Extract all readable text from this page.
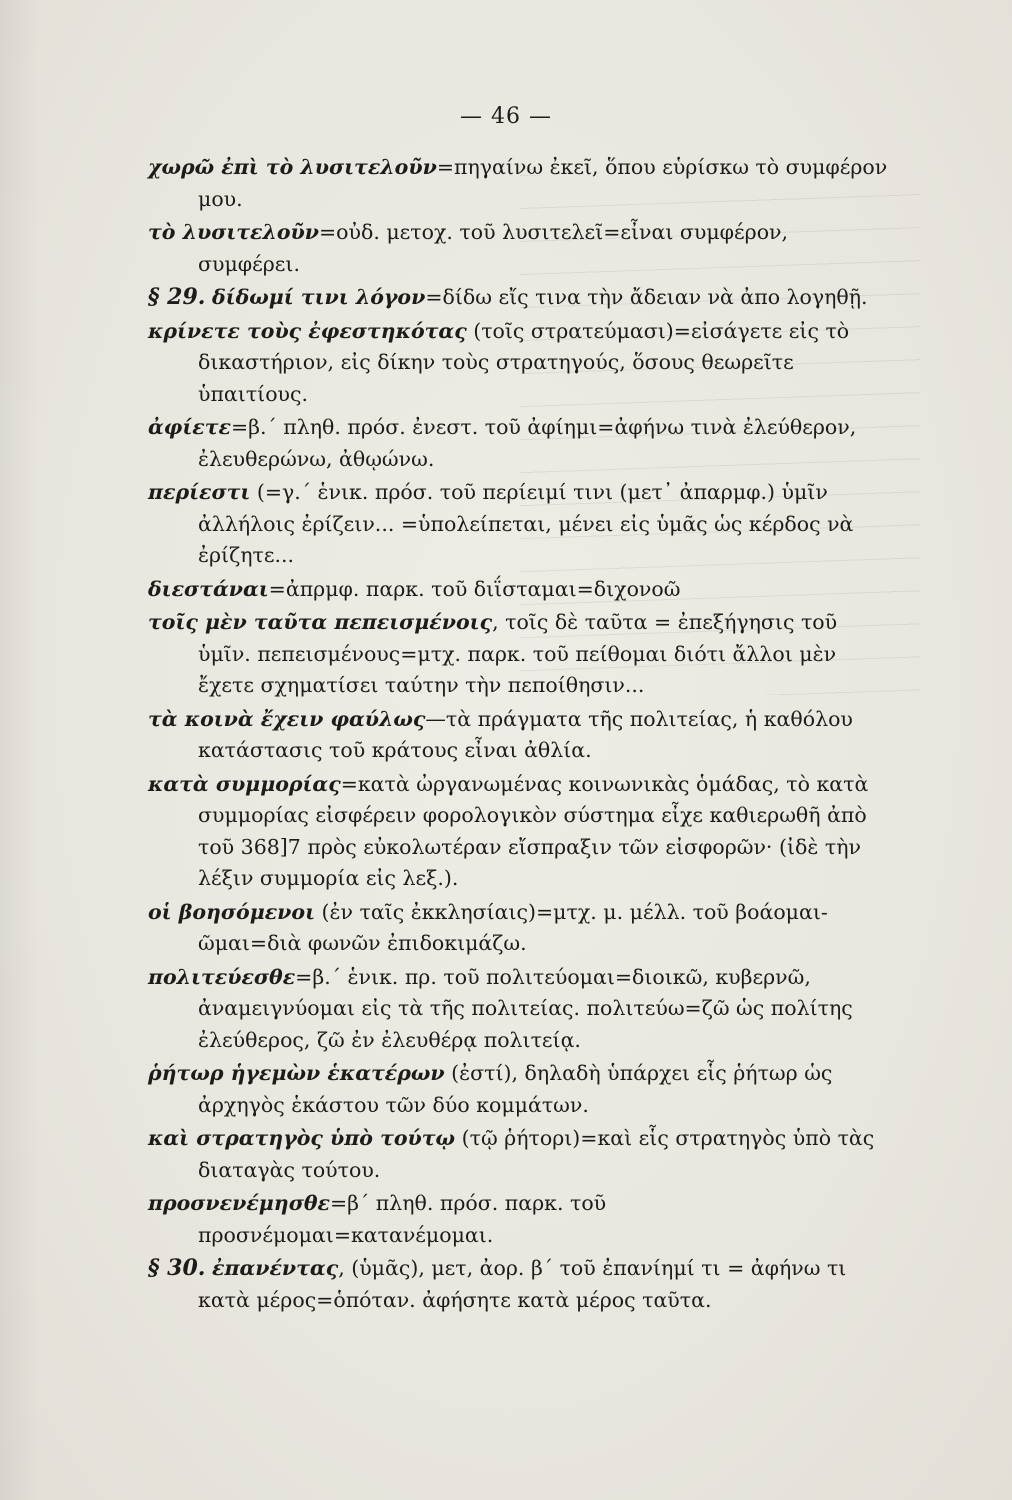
— 46 —

χωρῶ ἐπὶ τὸ λυσιτελοῦν=πηγαίνω ἐκεῖ, ὅπου εὑρίσκω τὸ συμφέρον μου.

τὸ λυσιτελοῦν=οὐδ. μετοχ. τοῦ λυσιτελεῖ=εἶναι συμφέρον, συμφέρει.

§ 29. δίδωμί τινι λόγον=δίδω εἴς τινα τὴν ἄδειαν νὰ ἀπο λογηθῇ.

κρίνετε τοὺς ἐφεστηκότας (τοῖς στρατεύμασι)=εἰσάγετε εἰς τὸ δικαστήριον, εἰς δίκην τοὺς στρατηγούς, ὅσους θεωρεῖτε ὑπαιτίους.

ἀφίετε=β.΄ πληθ. πρόσ. ἐνεστ. τοῦ ἀφίημι=ἀφήνω τινὰ ἐλεύθερον, ἐλευθερώνω, ἀθῳώνω.

περίεστι (=γ.΄ ἑνικ. πρόσ. τοῦ περίειμί τινι (μετ᾽ ἀπαρμφ.) ὑμῖν ἀλλήλοις ἐρίζειν... =ὑπολείπεται, μένει εἰς ὑμᾶς ὡς κέρδος νὰ ἐρίζητε...

διεστάναι=ἀπρμφ. παρκ. τοῦ διΐσταμαι=διχονοῶ

τοῖς μὲν ταῦτα πεπεισμένοις, τοῖς δὲ ταῦτα = ἐπεξήγησις τοῦ ὑμῖν. πεπεισμένους=μτχ. παρκ. τοῦ πείθομαι διότι ἄλλοι μὲν ἔχετε σχηματίσει ταύτην τὴν πεποίθησιν...

τὰ κοινὰ ἔχειν φαύλως—τὰ πράγματα τῆς πολιτείας, ἡ καθόλου κατάστασις τοῦ κράτους εἶναι ἀθλία.

κατὰ συμμορίας=κατὰ ὠργανωμένας κοινωνικὰς ὁμάδας, τὸ κατὰ συμμορίας εἰσφέρειν φορολογικὸν σύστημα εἶχε καθιερωθῆ ἀπὸ τοῦ 368]7 πρὸς εὐκολωτέραν εἴσπραξιν τῶν εἰσφορῶν· (ἰδὲ τὴν λέξιν συμμορία εἰς λεξ.).

οἱ βοησόμενοι (ἐν ταῖς ἐκκλησίαις)=μτχ. μ. μέλλ. τοῦ βοάομαι-ῶμαι=διὰ φωνῶν ἐπιδοκιμάζω.

πολιτεύεσθε=β.΄ ἑνικ. πρ. τοῦ πολιτεύομαι=διοικῶ, κυβερνῶ, ἀναμειγνύομαι εἰς τὰ τῆς πολιτείας. πολιτεύω=ζῶ ὡς πολίτης ἐλεύθερος, ζῶ ἐν ἐλευθέρᾳ πολιτείᾳ.

ῥήτωρ ἡγεμὼν ἑκατέρων (ἐστί), δηλαδὴ ὑπάρχει εἷς ῥήτωρ ὡς ἀρχηγὸς ἑκάστου τῶν δύο κομμάτων.

καὶ στρατηγὸς ὑπὸ τούτῳ (τῷ ῥήτορι)=καὶ εἷς στρατηγὸς ὑπὸ τὰς διαταγὰς τούτου.

προσνενέμησθε=β΄ πληθ. πρόσ. παρκ. τοῦ προσνέμομαι=κατανέμομαι.

§ 30. ἐπανέντας, (ὑμᾶς), μετ, ἀορ. β΄ τοῦ ἐπανίημί τι = ἀφήνω τι κατὰ μέρος=ὁπόταν. ἀφήσητε κατὰ μέρος ταῦτα.
